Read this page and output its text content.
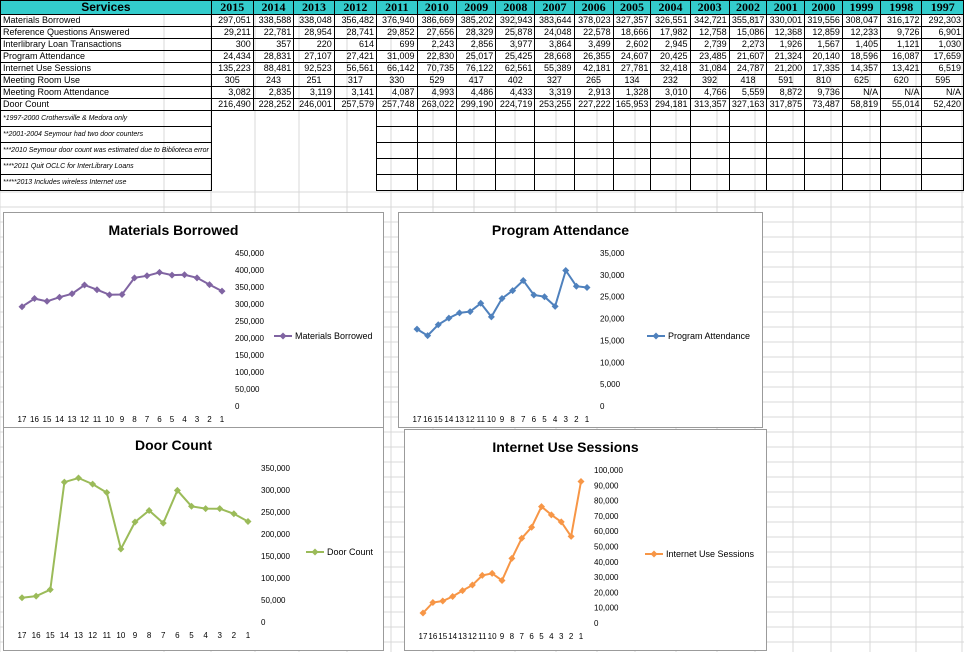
Services	2015	2014	2013	2012	2011	2010	2009	2008	2007	2006	2005	2004	2003	2002	2001	2000	1999	1998	1997
Materials Borrowed	297,051	338,588	338,048	356,482	376,940	386,669	385,202	392,943	383,644	378,023	327,357	326,551	342,721	355,817	330,001	319,556	308,047	316,172	292,303
Reference Questions Answered	29,211	22,781	28,954	28,741	29,852	27,656	28,329	25,878	24,048	22,578	18,666	17,982	12,758	15,086	12,368	12,859	12,233	9,726	6,901
Interlibrary Loan Transactions	300	357	220	614	699	2,243	2,856	3,977	3,864	3,499	2,602	2,945	2,739	2,273	1,926	1,567	1,405	1,121	1,030
Program Attendance	24,434	28,831	27,107	27,421	31,009	22,830	25,017	25,425	28,668	26,355	24,607	20,425	23,485	21,607	21,324	20,140	18,596	16,087	17,659
Internet Use Sessions	135,223	88,481	92,523	56,561	66,142	70,735	76,122	62,561	55,389	42,181	27,781	32,418	31,084	24,787	21,200	17,335	14,357	13,421	6,519
Meeting Room Use	305	243	251	317	330	529	417	402	327	265	134	232	392	418	591	810	625	620	595
Meeting Room Attendance	3,082	2,835	3,119	3,141	4,087	4,993	4,486	4,433	3,319	2,913	1,328	3,010	4,766	5,559	8,872	9,736	N/A	N/A	N/A
Door Count	216,490	228,252	246,001	257,579	257,748	263,022	299,190	224,719	253,255	227,222	165,953	294,181	313,357	327,163	317,875	73,487	58,819	55,014	52,420
*1997-2000 Crothersville & Medora only																			
**2001-2004 Seymour had two door counters																			
***2010 Seymour door count was estimated due to Biblioteca error																			
****2011 Quit OCLC for InterLibrary Loans																			
*****2013 Includes wireless Internet use																			
Materials Borrowed
0
50,000
100,000
150,000
200,000
250,000
300,000
350,000
400,000
450,000
17 16 15 14 13 12 11 10 9 8 7 6 5 4 3 2 1
Materials Borrowed
Program Attendance
0
5,000
10,000
15,000
20,000
25,000
30,000
35,000
17 16 15 14 13 12 11 10 9 8 7 6 5 4 3 2 1
Program Attendance
Door Count
0
50,000
100,000
150,000
200,000
250,000
300,000
350,000
17 16 15 14 13 12 11 10 9 8 7 6 5 4 3 2 1
Door Count
Internet Use Sessions
0
10,000
20,000
30,000
40,000
50,000
60,000
70,000
80,000
90,000
100,000
17 16 15 14 13 12 11 10 9 8 7 6 5 4 3 2 1
Internet Use Sessions
